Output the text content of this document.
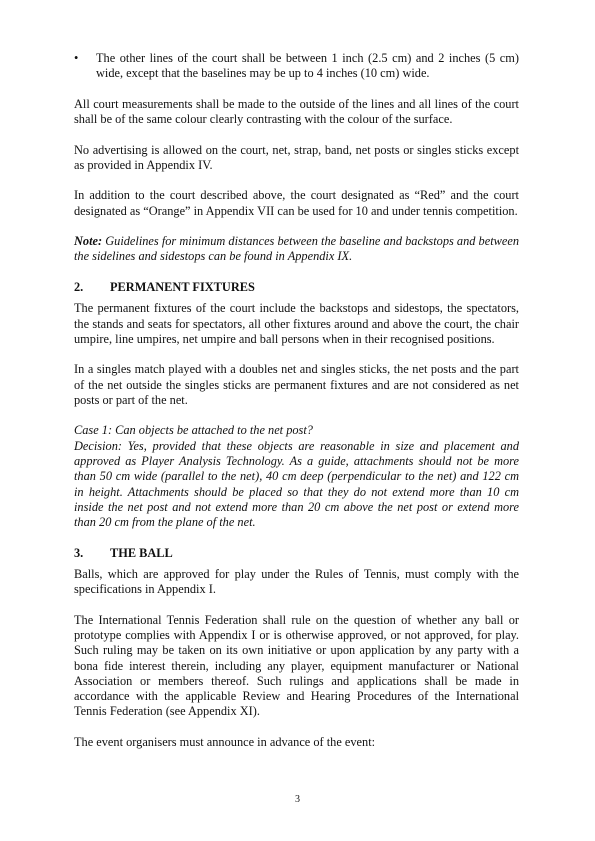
• The other lines of the court shall be between 1 inch (2.5 cm) and 2 inches (5 cm) wide, except that the baselines may be up to 4 inches (10 cm) wide.

All court measurements shall be made to the outside of the lines and all lines of the court shall be of the same colour clearly contrasting with the colour of the surface.

No advertising is allowed on the court, net, strap, band, net posts or singles sticks except as provided in Appendix IV.

In addition to the court described above, the court designated as “Red” and the court designated as “Orange” in Appendix VII can be used for 10 and under tennis competition.

Note: Guidelines for minimum distances between the baseline and backstops and between the sidelines and sidestops can be found in Appendix IX.

2.	PERMANENT FIXTURES

The permanent fixtures of the court include the backstops and sidestops, the spectators, the stands and seats for spectators, all other fixtures around and above the court, the chair umpire, line umpires, net umpire and ball persons when in their recognised positions.

In a singles match played with a doubles net and singles sticks, the net posts and the part of the net outside the singles sticks are permanent fixtures and are not considered as net posts or part of the net.

Case 1: Can objects be attached to the net post?

Decision: Yes, provided that these objects are reasonable in size and placement and approved as Player Analysis Technology. As a guide, attachments should not be more than 50 cm wide (parallel to the net), 40 cm deep (perpendicular to the net) and 122 cm in height. Attachments should be placed so that they do not extend more than 10 cm inside the net post and not extend more than 20 cm above the net post or extend more than 20 cm from the plane of the net.

3.	THE BALL

Balls, which are approved for play under the Rules of Tennis, must comply with the specifications in Appendix I.

The International Tennis Federation shall rule on the question of whether any ball or prototype complies with Appendix I or is otherwise approved, or not approved, for play. Such ruling may be taken on its own initiative or upon application by any party with a bona fide interest therein, including any player, equipment manufacturer or National Association or members thereof. Such rulings and applications shall be made in accordance with the applicable Review and Hearing Procedures of the International Tennis Federation (see Appendix XI).

The event organisers must announce in advance of the event:

3
